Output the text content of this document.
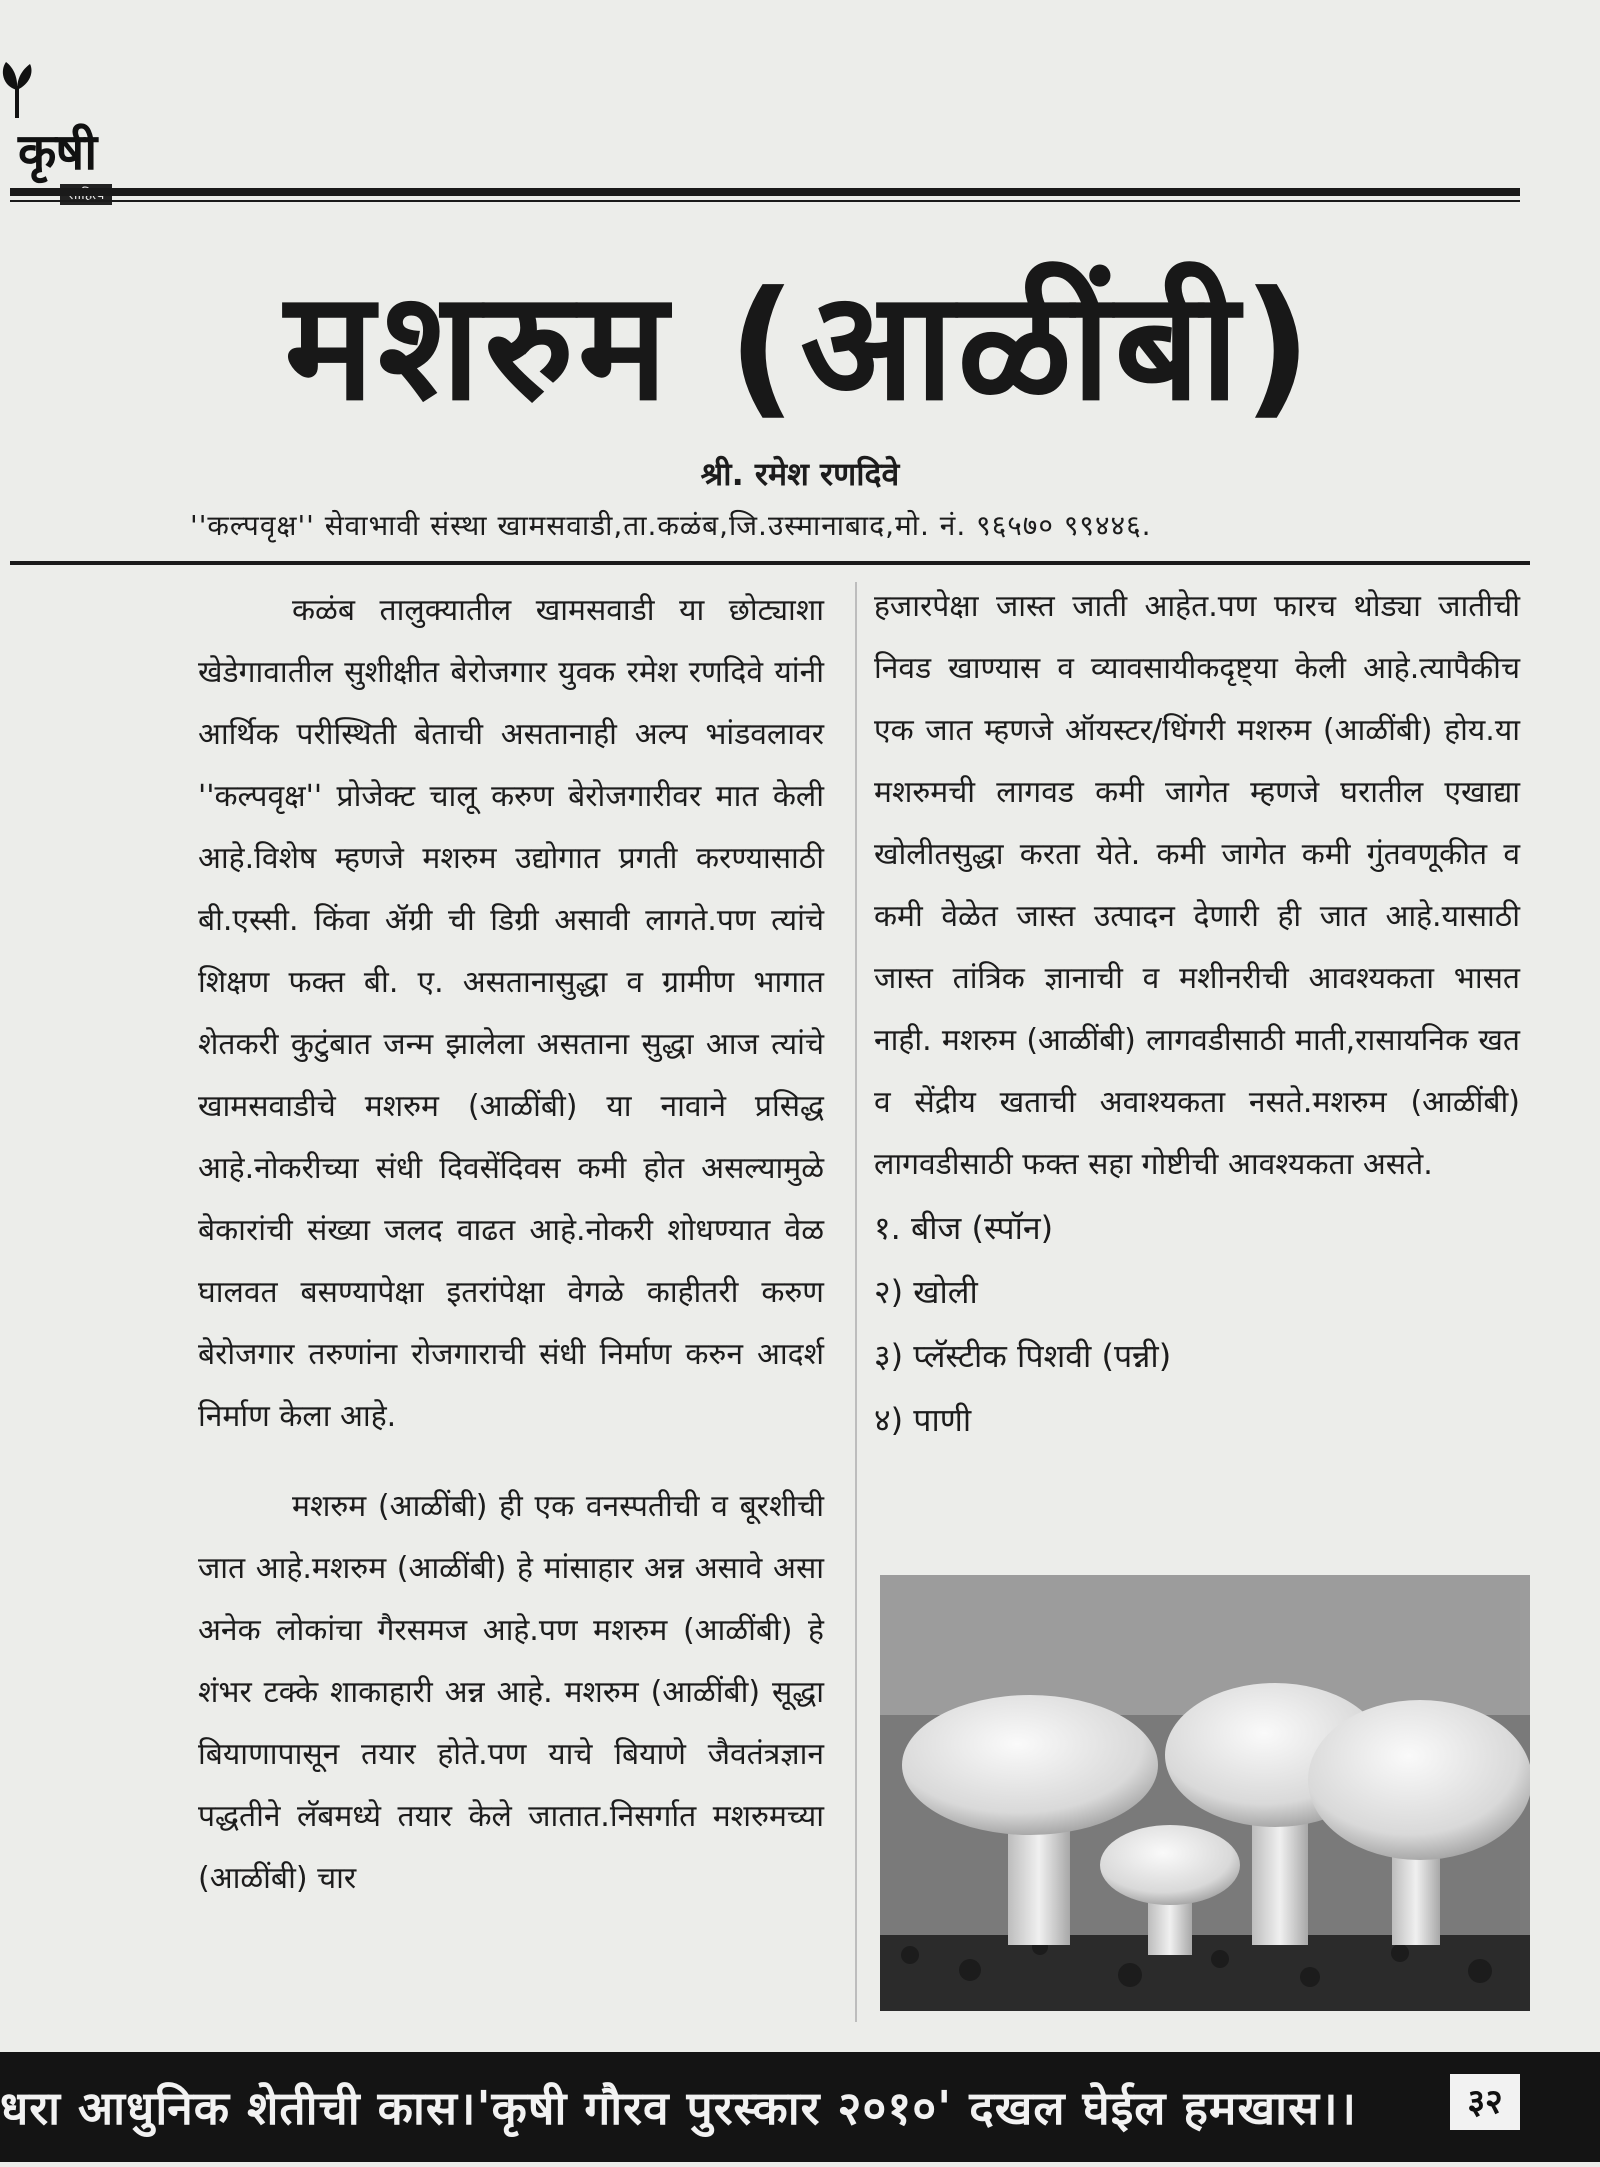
कृषी
मशरुम (आळींबी)
श्री. रमेश रणदिवे
''कल्पवृक्ष'' सेवाभावी संस्था खामसवाडी,ता.कळंब,जि.उस्मानाबाद,मो. नं. ९६५७० ९९४४६.

कळंब तालुक्यातील खामसवाडी या छोट्याशा खेडेगावातील सुशीक्षीत बेरोजगार युवक रमेश रणदिवे यांनी आर्थिक परीस्थिती बेताची असतानाही अल्प भांडवलावर ''कल्पवृक्ष'' प्रोजेक्ट चालू करुण बेरोजगारीवर मात केली आहे.विशेष म्हणजे मशरुम उद्योगात प्रगती करण्यासाठी बी.एस्सी. किंवा ॲग्री ची डिग्री असावी लागते.पण त्यांचे शिक्षण फक्त बी. ए. असतानासुद्धा व ग्रामीण भागात शेतकरी कुटुंबात जन्म झालेला असताना सुद्धा आज त्यांचे खामसवाडीचे मशरुम (आळींबी) या नावाने प्रसिद्ध आहे.नोकरीच्या संधी दिवसेंदिवस कमी होत असल्यामुळे बेकारांची संख्या जलद वाढत आहे.नोकरी शोधण्यात वेळ घालवत बसण्यापेक्षा इतरांपेक्षा वेगळे काहीतरी करुण बेरोजगार तरुणांना रोजगाराची संधी निर्माण करुन आदर्श निर्माण केला आहे.

मशरुम (आळींबी) ही एक वनस्पतीची व बूरशीची जात आहे.मशरुम (आळींबी) हे मांसाहार अन्न असावे असा अनेक लोकांचा गैरसमज आहे.पण मशरुम (आळींबी) हे शंभर टक्के शाकाहारी अन्न आहे. मशरुम (आळींबी) सूद्धा बियाणापासून तयार होते.पण याचे बियाणे जैवतंत्रज्ञान पद्धतीने लॅबमध्ये तयार केले जातात.निसर्गात मशरुमच्या (आळींबी) चार

हजारपेक्षा जास्त जाती आहेत.पण फारच थोड्या जातीची निवड खाण्यास व व्यावसायीकदृष्ट्या केली आहे.त्यापैकीच एक जात म्हणजे ऑयस्टर/धिंगरी मशरुम (आळींबी) होय.या मशरुमची लागवड कमी जागेत म्हणजे घरातील एखाद्या खोलीतसुद्धा करता येते. कमी जागेत कमी गुंतवणूकीत व कमी वेळेत जास्त उत्पादन देणारी ही जात आहे.यासाठी जास्त तांत्रिक ज्ञानाची व मशीनरीची आवश्यकता भासत नाही. मशरुम (आळींबी) लागवडीसाठी माती,रासायनिक खत व सेंद्रीय खताची अवाश्यकता नसते.मशरुम (आळींबी) लागवडीसाठी फक्त सहा गोष्टीची आवश्यकता असते.

१. बीज (स्पॉन)
२) खोली
३) प्लॅस्टीक पिशवी (पन्नी)
४) पाणी
धरा आधुनिक शेतीची कास।'कृषी गौरव पुरस्कार २०१०' दखल घेईल हमखास।।	३२
